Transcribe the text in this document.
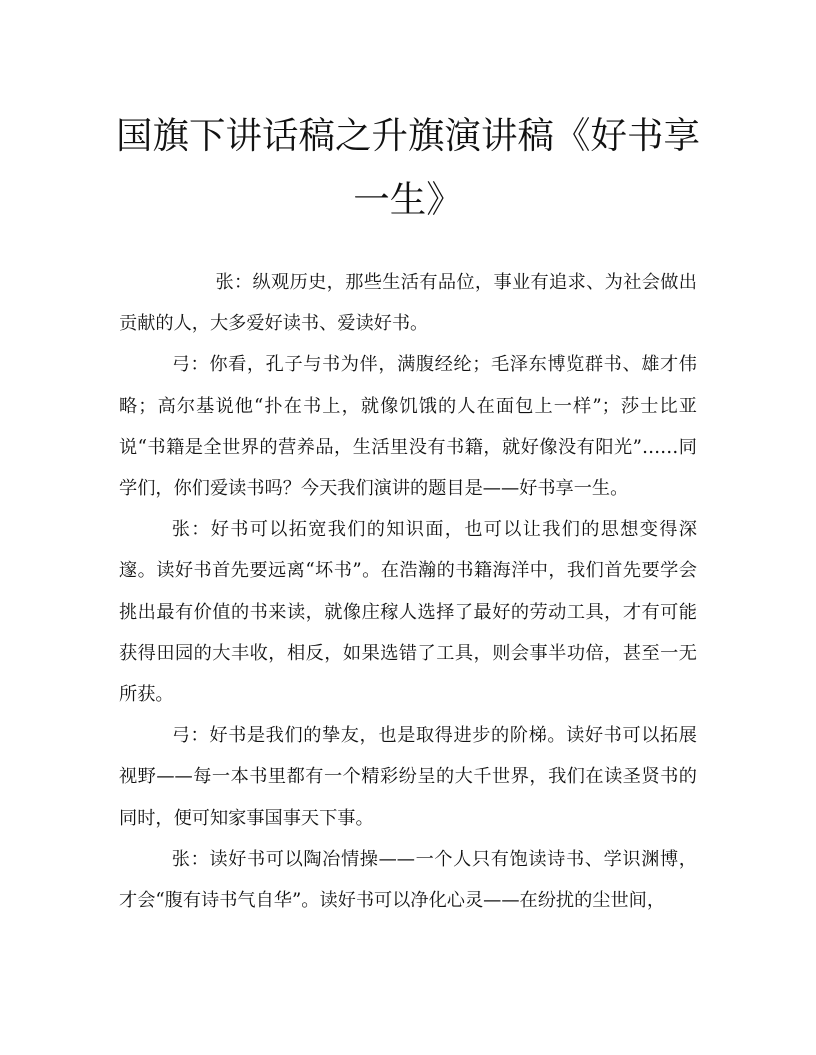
国旗下讲话稿之升旗演讲稿《好书享一生》

张：纵观历史，那些生活有品位，事业有追求、为社会做出贡献的人，大多爱好读书、爱读好书。

弓：你看，孔子与书为伴，满腹经纶；毛泽东博览群书、雄才伟略；高尔基说他“扑在书上，就像饥饿的人在面包上一样”；莎士比亚说“书籍是全世界的营养品，生活里没有书籍，就好像没有阳光”……同学们，你们爱读书吗？今天我们演讲的题目是——好书享一生。

张：好书可以拓宽我们的知识面，也可以让我们的思想变得深邃。读好书首先要远离“坏书”。在浩瀚的书籍海洋中，我们首先要学会挑出最有价值的书来读，就像庄稼人选择了最好的劳动工具，才有可能获得田园的大丰收，相反，如果选错了工具，则会事半功倍，甚至一无所获。

弓：好书是我们的挚友，也是取得进步的阶梯。读好书可以拓展视野——每一本书里都有一个精彩纷呈的大千世界，我们在读圣贤书的同时，便可知家事国事天下事。

张：读好书可以陶冶情操——一个人只有饱读诗书、学识渊博，才会“腹有诗书气自华”。读好书可以净化心灵——在纷扰的尘世间，
